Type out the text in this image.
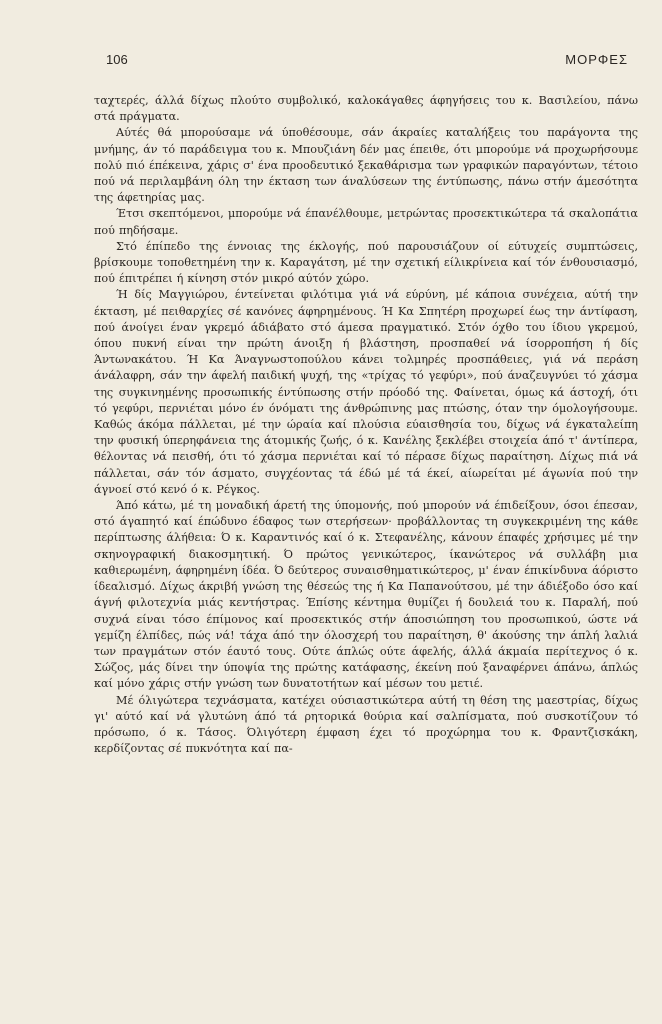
106	ΜΟΡΦΕΣ

ταχτερές, άλλά δίχως πλούτο συμβολικό, καλοκάγαθες άφηγήσεις του κ. Βασιλείου, πάνω στά πράγματα.

Αύτές θά μπορούσαμε νά ύποθέσουμε, σάν άκραίες καταλήξεις του παράγοντα της μνήμης, άν τό παράδειγμα του κ. Μπουζιάνη δέν μας έπειθε, ότι μπορούμε νά προχωρήσουμε πολύ πιό έπέκεινα, χάρις σ' ένα προοδευτικό ξεκαθάρισμα των γραφικών παραγόντων, τέτοιο πού νά περιλαμβάνη όλη την έκταση των άναλύσεων της έντύπωσης, πάνω στήν άμεσότητα της άφετηρίας μας.

Έτσι σκεπτόμενοι, μπορούμε νά έπανέλθουμε, μετρώντας προσεκτικώτερα τά σκαλοπάτια πού πηδήσαμε.

Στό έπίπεδο της έννοιας της έκλογής, πού παρουσιάζουν οί εύτυχείς συμπτώσεις, βρίσκουμε τοποθετημένη την κ. Καραγάτση, μέ την σχετική είλικρίνεια καί τόν ένθουσιασμό, πού έπιτρέπει ή κίνηση στόν μικρό αύτόν χώρο.

Ή δίς Μαγγιώρου, έντείνεται φιλότιμα γιά νά εύρύνη, μέ κάποια συνέχεια, αύτή την έκταση, μέ πειθαρχίες σέ κανόνες άφηρημένους. Ή Κα Σπητέρη προχωρεί έως την άντίφαση, πού άνοίγει έναν γκρεμό άδιάβατο στό άμεσα πραγματικό. Στόν όχθο του ίδιου γκρεμού, όπου πυκνή είναι την πρώτη άνοιξη ή βλάστηση, προσπαθεί νά ίσορροπήση ή δίς Άντωνακάτου. Ή Κα Άναγνωστοπούλου κάνει τολμηρές προσπάθειες, γιά νά περάση άνάλαφρη, σάν την άφελή παιδική ψυχή, της «τρίχας τό γεφύρι», πού άναζευγνύει τό χάσμα της συγκινημένης προσωπικής έντύπωσης στήν πρόοδό της. Φαίνεται, όμως κά άστοχή, ότι τό γεφύρι, περνιέται μόνο έν όνόματι της άνθρώπινης μας πτώσης, όταν την όμολογήσουμε. Καθώς άκόμα πάλλεται, μέ την ώραία καί πλούσια εύαισθησία του, δίχως νά έγκαταλείπη την φυσική ύπερηφάνεια της άτομικής ζωής, ό κ. Κανέλης ξεκλέβει στοιχεία άπό τ' άντίπερα, θέλοντας νά πεισθή, ότι τό χάσμα περνιέται καί τό πέρασε δίχως παραίτηση. Δίχως πιά νά πάλλεται, σάν τόν άσματο, συγχέοντας τά έδώ μέ τά έκεί, αίωρείται μέ άγωνία πού την άγνοεί στό κενό ό κ. Ρέγκος.

Άπό κάτω, μέ τη μοναδική άρετή της ύπομονής, πού μπορούν νά έπιδείξουν, όσοι έπεσαν, στό άγαπητό καί έπώδυνο έδαφος των στερήσεων· προβάλλοντας τη συγκεκριμένη της κάθε περίπτωσης άλήθεια: Ό κ. Καραντινός καί ό κ. Στεφανέλης, κάνουν έπαφές χρήσιμες μέ την σκηνογραφική διακοσμητική. Ό πρώτος γενικώτερος, ίκανώτερος νά συλλάβη μια καθιερωμένη, άφηρημένη ίδέα. Ό δεύτερος συναισθηματικώτερος, μ' έναν έπικίνδυνα άόριστο ίδεαλισμό. Δίχως άκριβή γνώση της θέσεώς της ή Κα Παπανούτσου, μέ την άδιέξοδο όσο καί άγνή φιλοτεχνία μιάς κεντήστρας. Έπίσης κέντημα θυμίζει ή δουλειά του κ. Παραλή, πού συχνά είναι τόσο έπίμονος καί προσεκτικός στήν άποσιώπηση του προσωπικού, ώστε νά γεμίζη έλπίδες, πώς νά! τάχα άπό την όλοσχερή του παραίτηση, θ' άκούσης την άπλή λαλιά των πραγμάτων στόν έαυτό τους. Ούτε άπλώς ούτε άφελής, άλλά άκμαία περίτεχνος ό κ. Σώζος, μάς δίνει την ύποψία της πρώτης κατάφασης, έκείνη πού ξαναφέρνει άπάνω, άπλώς καί μόνο χάρις στήν γνώση των δυνατοτήτων καί μέσων του μετιέ.

Μέ όλιγώτερα τεχνάσματα, κατέχει ούσιαστικώτερα αύτή τη θέση της μαεστρίας, δίχως γι' αύτό καί νά γλυτώνη άπό τά ρητορικά θούρια καί σαλπίσματα, πού συσκοτίζουν τό πρόσωπο, ό κ. Τάσος. Όλιγότερη έμφαση έχει τό προχώρημα του κ. Φραντζισκάκη, κερδίζοντας σέ πυκνότητα καί πα-
